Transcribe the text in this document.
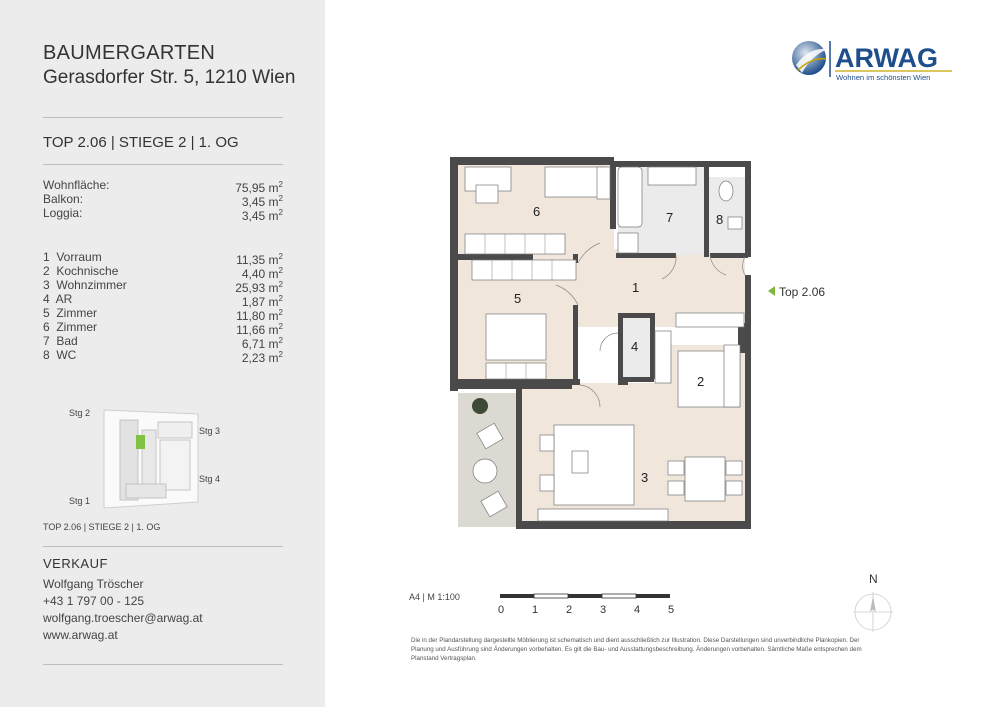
BAUMERGARTEN
Gerasdorfer Str. 5, 1210 Wien
TOP 2.06 | STIEGE 2 | 1. OG
Wohnfläche:	75,95 $m^2$
Balkon:	3,45 $m^2$
Loggia:	3,45 $m^2$
1  Vorraum	11,35 $m^2$
2  Kochnische	4,40 $m^2$
3  Wohnzimmer	25,93 $m^2$
4  AR	1,87 $m^2$
5  Zimmer	11,80 $m^2$
6  Zimmer	11,66 $m^2$
7  Bad	6,71 $m^2$
8  WC	2,23 $m^2$
Stg 2
Stg 3
Stg 4
Stg 1
TOP 2.06 | STIEGE 2 | 1. OG
VERKAUF
Wolfgang Tröscher
+43 1 797 00 - 125
wolfgang.troescher@arwag.at
www.arwag.at
ARWAG
Wohnen im schönsten Wien
6	7	8
5
1
4
2
3
Top 2.06
A4 | M 1:100
0	1	2	3	4	5
N
Die in der Plandarstellung dargestellte Möblierung ist schematisch und dient ausschließlich zur Illustration. Diese Darstellungen sind unverbindliche Plankopien. Der Planung und Ausführung sind Änderungen vorbehalten. Es gilt die Bau- und Ausstattungsbeschreibung. Änderungen vorbehalten. Sämtliche Maße entsprechen dem Planstand Vertragsplan.
